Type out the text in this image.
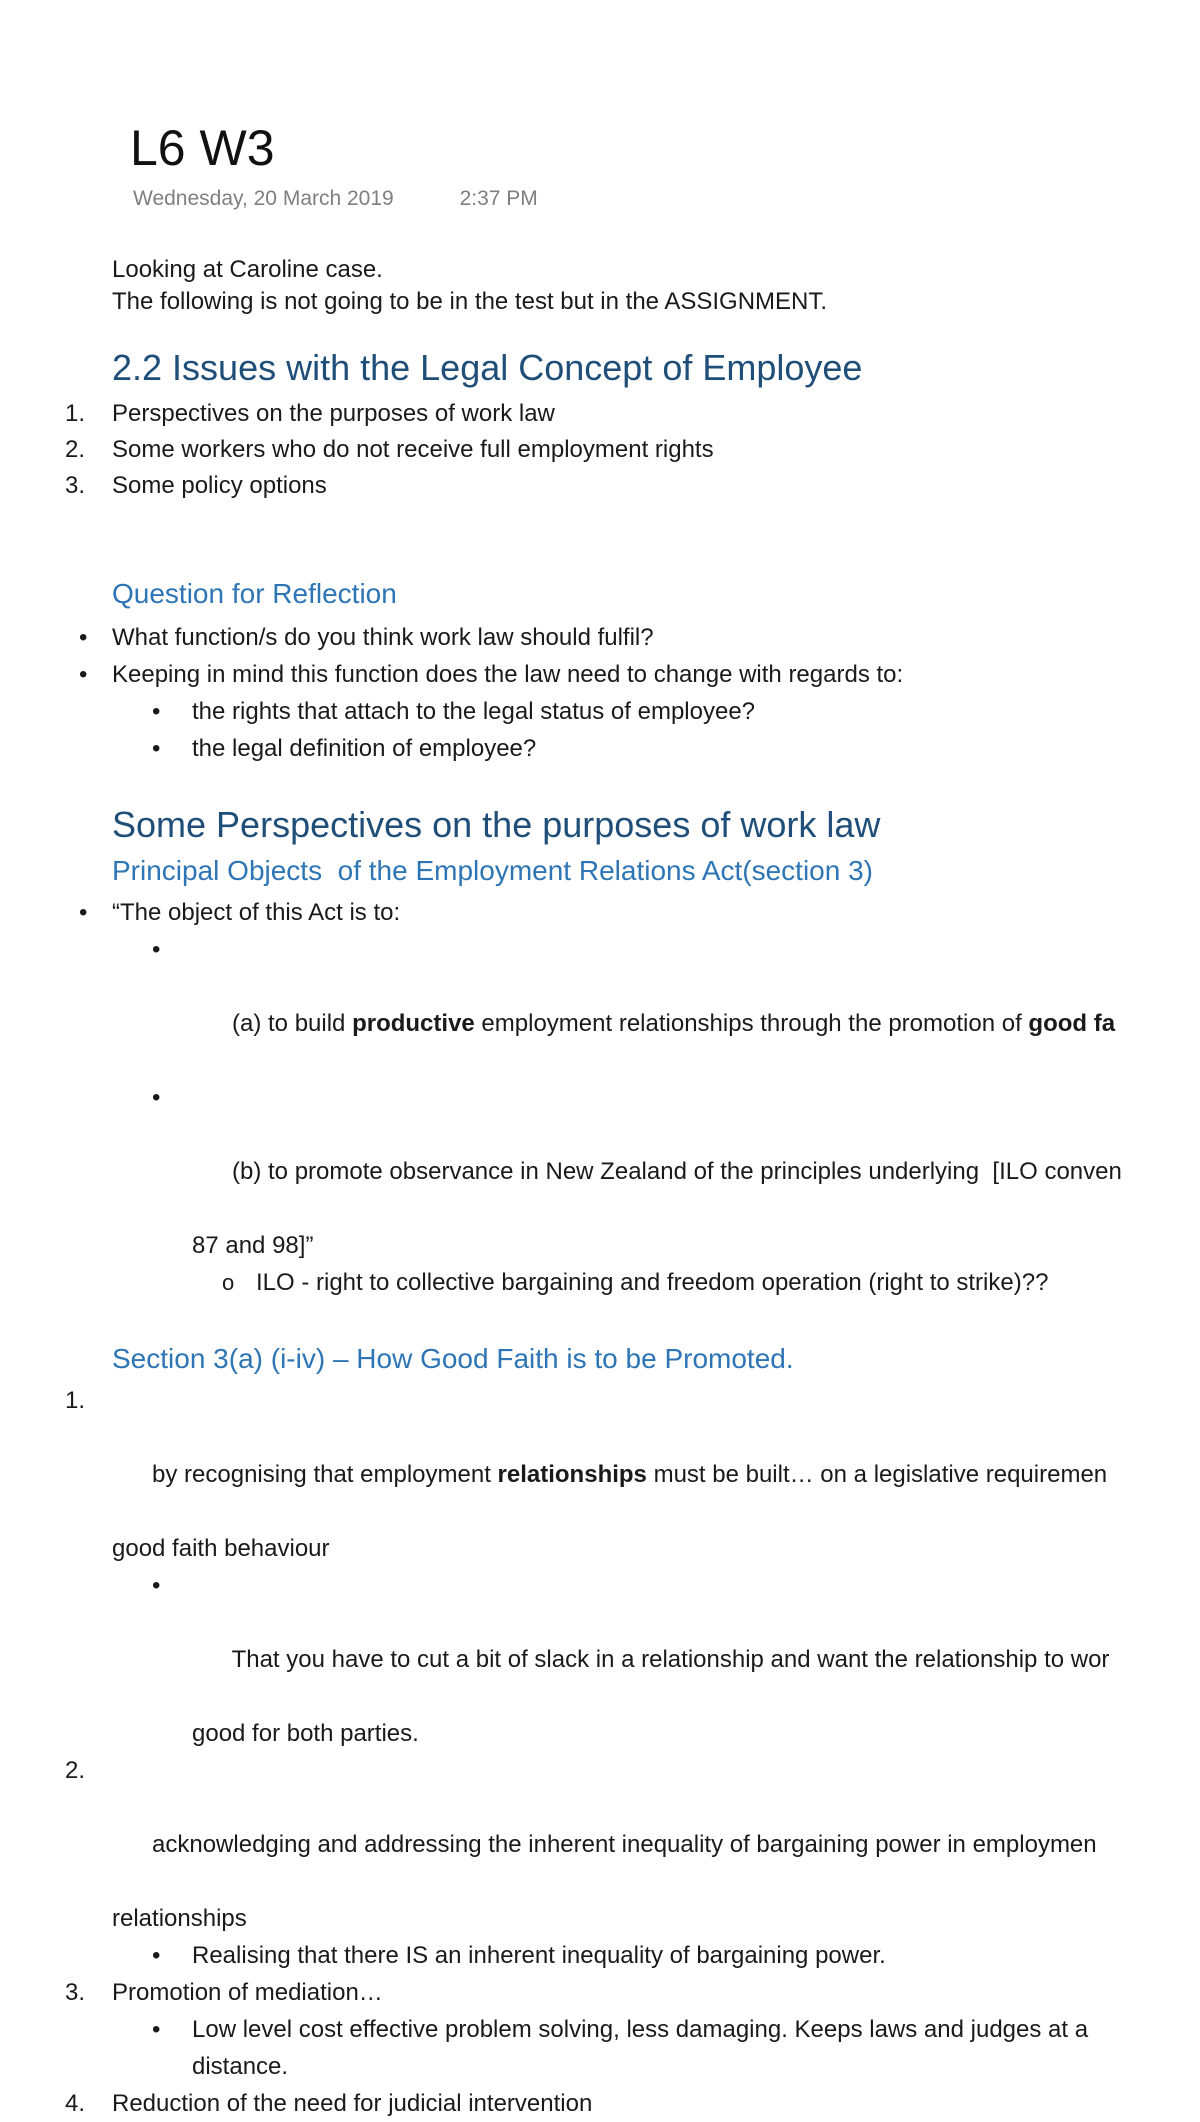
L6 W3
Wednesday, 20 March 2019	2:37 PM
Looking at Caroline case.
The following is not going to be in the test but in the ASSIGNMENT.
2.2 Issues with the Legal Concept of Employee
1. Perspectives on the purposes of work law
2. Some workers who do not receive full employment rights
3. Some policy options
Question for Reflection
• What function/s do you think work law should fulfil?
• Keeping in mind this function does the law need to change with regards to:
• the rights that attach to the legal status of employee?
• the legal definition of employee?
Some Perspectives on the purposes of work law
Principal Objects  of the Employment Relations Act(section 3)
• “The object of this Act is to:

•

(a) to build productive employment relationships through the promotion of good fa

•

(b) to promote observance in New Zealand of the principles underlying  [ILO conven

87 and 98]”
o ILO - right to collective bargaining and freedom operation (right to strike)??
Section 3(a) (i-iv) – How Good Faith is to be Promoted.

1.

by recognising that employment relationships must be built… on a legislative requiremen

good faith behaviour

•

That you have to cut a bit of slack in a relationship and want the relationship to wor

good for both parties.

2.

acknowledging and addressing the inherent inequality of bargaining power in employmen

relationships
• Realising that there IS an inherent inequality of bargaining power.
3. Promotion of mediation…
• Low level cost effective problem solving, less damaging. Keeps laws and judges at a
distance.
4. Reduction of the need for judicial intervention
